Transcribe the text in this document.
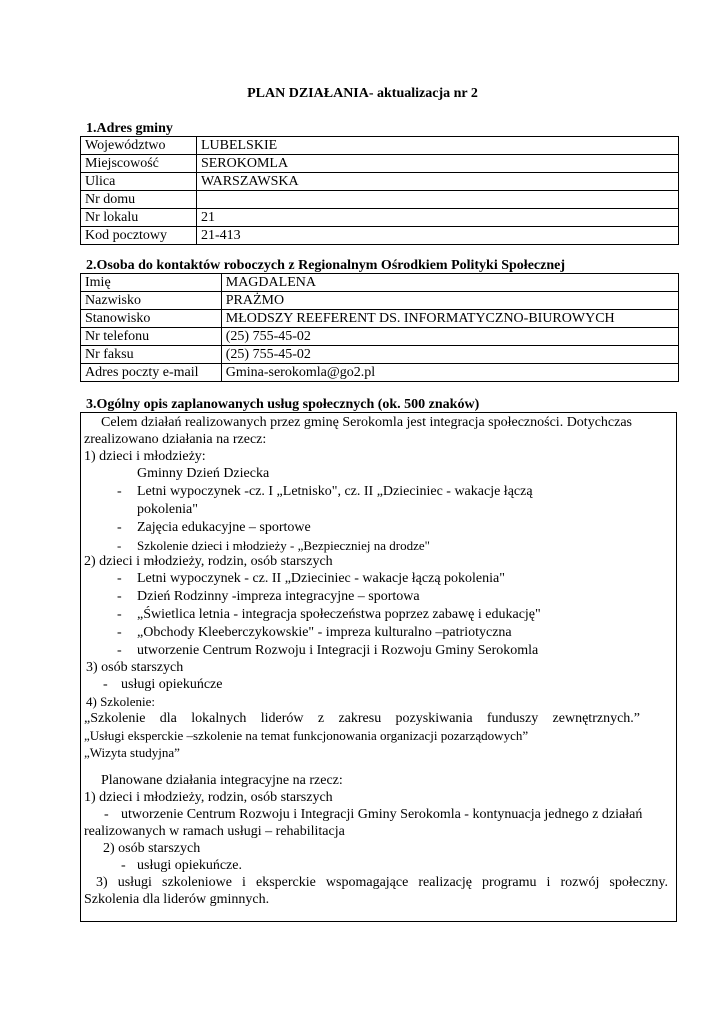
PLAN DZIAŁANIA- aktualizacja nr 2
1.Adres gminy
Województwo	LUBELSKIE
Miejscowość	SEROKOMLA
Ulica	WARSZAWSKA
Nr domu	
Nr lokalu	21
Kod pocztowy	21-413
2.Osoba do kontaktów roboczych z Regionalnym Ośrodkiem Polityki Społecznej
Imię	MAGDALENA
Nazwisko	PRAŻMO
Stanowisko	MŁODSZY REEFERENT DS. INFORMATYCZNO-BIUROWYCH
Nr telefonu	(25) 755-45-02
Nr faksu	(25) 755-45-02
Adres poczty e-mail	Gmina-serokomla@go2.pl
3.Ogólny opis zaplanowanych usług społecznych (ok. 500 znaków)
Celem działań realizowanych przez gminę Serokomla jest integracja społeczności. Dotychczas
zrealizowano działania na rzecz:
1) dzieci i młodzieży:
Gminny Dzień Dziecka
- Letni wypoczynek -cz. I „Letnisko", cz. II „Dzieciniec - wakacje łączą
pokolenia"
- Zajęcia edukacyjne – sportowe
- Szkolenie dzieci i młodzieży - „Bezpieczniej na drodze"
2) dzieci i młodzieży, rodzin, osób starszych
- Letni wypoczynek - cz. II „Dzieciniec - wakacje łączą pokolenia"
- Dzień Rodzinny -impreza integracyjne – sportowa
- „Świetlica letnia - integracja społeczeństwa poprzez zabawę i edukację"
- „Obchody Kleeberczykowskie" - impreza kulturalno –patriotyczna
- utworzenie Centrum Rozwoju i Integracji i Rozwoju Gminy Serokomla
3) osób starszych
- usługi opiekuńcze
4) Szkolenie:
„Szkolenie dla lokalnych liderów z zakresu pozyskiwania funduszy zewnętrznych.”
„Usługi eksperckie –szkolenie na temat funkcjonowania organizacji pozarządowych”
„Wizyta studyjna”
Planowane działania integracyjne na rzecz:
1) dzieci i młodzieży, rodzin, osób starszych
- utworzenie Centrum Rozwoju i Integracji Gminy Serokomla - kontynuacja jednego z działań
realizowanych w ramach usługi – rehabilitacja
2) osób starszych
- usługi opiekuńcze.
3) usługi szkoleniowe i eksperckie wspomagające realizację programu i rozwój społeczny.
Szkolenia dla liderów gminnych.
